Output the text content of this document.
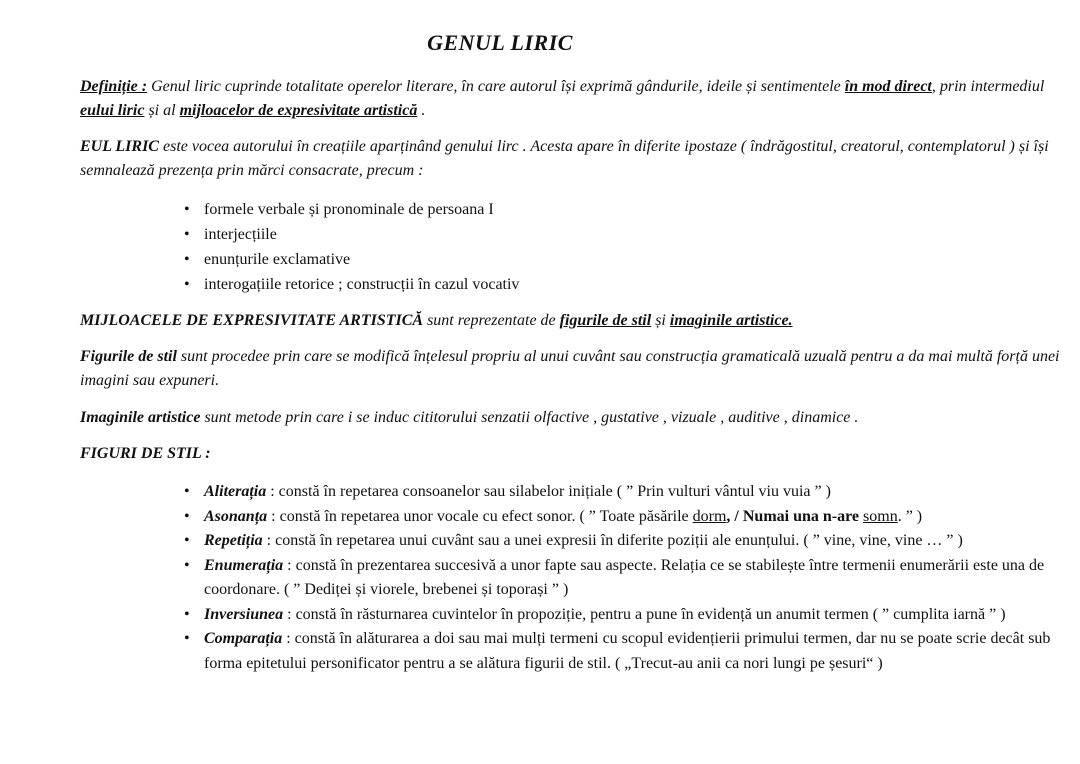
GENUL LIRIC
Definiție : Genul liric cuprinde totalitate operelor literare, în care autorul își exprimă gândurile, ideile și sentimentele în mod direct, prin intermediul eului liric și al mijloacelor de expresivitate artistică .
EUL LIRIC este vocea autorului în creațiile aparținând genului lirc . Acesta apare în diferite ipostaze ( îndrăgostitul, creatorul, contemplatorul ) și își semnalează prezența prin mărci consacrate, precum :
• formele verbale și pronominale de persoana I
• interjecțiile
• enunțurile exclamative
• interogațiile retorice ; construcții în cazul vocativ
MIJLOACELE DE EXPRESIVITATE ARTISTICĂ sunt reprezentate de figurile de stil și imaginile artistice.
Figurile de stil sunt procedee prin care se modifică înțelesul propriu al unui cuvânt sau construcția gramaticală uzuală pentru a da mai multă forță unei imagini sau expuneri.
Imaginile artistice sunt metode prin care i se induc cititorului senzatii olfactive , gustative , vizuale , auditive , dinamice .
FIGURI DE STIL :
• Aliterația : constă în repetarea consoanelor sau silabelor inițiale ( ” Prin vulturi vântul viu vuia ” )
• Asonanța : constă în repetarea unor vocale cu efect sonor. ( ” Toate păsările dorm, / Numai una n-are somn. ” )
• Repetiția : constă în repetarea unui cuvânt sau a unei expresii în diferite poziții ale enunțului. ( ” vine, vine, vine … ” )
• Enumerația : constă în prezentarea succesivă a unor fapte sau aspecte. Relația ce se stabilește între termenii enumerării este una de coordonare. ( ” Dedіței și viorele, brebenei și toporași ” )
• Inversiunea : constă în răsturnarea cuvintelor în propoziție, pentru a pune în evidență un anumit termen ( ” cumplita iarnă ” )
• Comparația : constă în alăturarea a doi sau mai mulți termeni cu scopul evidențierii primului termen, dar nu se poate scrie decât sub forma epitetului personificator pentru a se alătura figurii de stil. ( „Trecut-au anii ca nori lungi pe șesuri“ )
